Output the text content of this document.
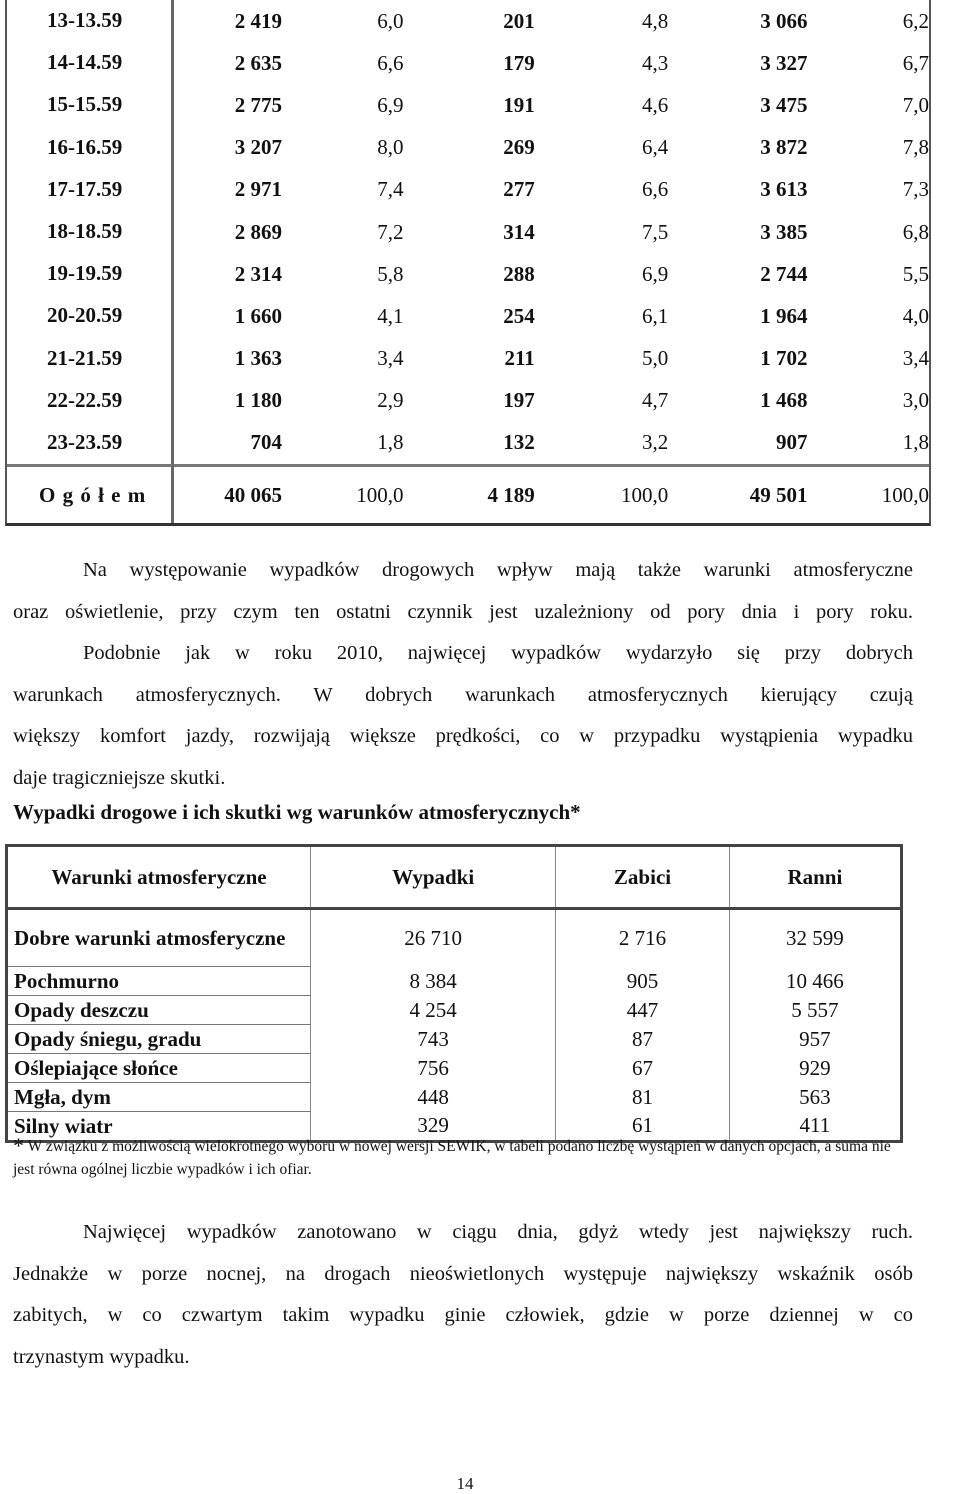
13-13.59	2 419	6,0	201	4,8	3 066	6,2
14-14.59	2 635	6,6	179	4,3	3 327	6,7
15-15.59	2 775	6,9	191	4,6	3 475	7,0
16-16.59	3 207	8,0	269	6,4	3 872	7,8
17-17.59	2 971	7,4	277	6,6	3 613	7,3
18-18.59	2 869	7,2	314	7,5	3 385	6,8
19-19.59	2 314	5,8	288	6,9	2 744	5,5
20-20.59	1 660	4,1	254	6,1	1 964	4,0
21-21.59	1 363	3,4	211	5,0	1 702	3,4
22-22.59	1 180	2,9	197	4,7	1 468	3,0
23-23.59	704	1,8	132	3,2	907	1,8
O g ó ł e m	40 065	100,0	4 189	100,0	49 501	100,0

Na występowanie wypadków drogowych wpływ mają także warunki atmosferyczne
oraz oświetlenie, przy czym ten ostatni czynnik jest uzależniony od pory dnia i pory roku.
Podobnie jak w roku 2010, najwięcej wypadków wydarzyło się przy dobrych
warunkach atmosferycznych. W dobrych warunkach atmosferycznych kierujący czują
większy komfort jazdy, rozwijają większe prędkości, co w przypadku wystąpienia wypadku
daje tragiczniejsze skutki.

Wypadki drogowe i ich skutki wg warunków atmosferycznych*

Warunki atmosferyczne	Wypadki	Zabici	Ranni
Dobre warunki atmosferyczne	26 710	2 716	32 599
Pochmurno	8 384	905	10 466
Opady deszczu	4 254	447	5 557
Opady śniegu, gradu	743	87	957
Oślepiające słońce	756	67	929
Mgła, dym	448	81	563
Silny wiatr	329	61	411
* W związku z możliwością wielokrotnego wyboru w nowej wersji SEWIK, w tabeli podano liczbę wystąpień w danych opcjach, a suma nie jest równa ogólnej liczbie wypadków i ich ofiar.

Najwięcej wypadków zanotowano w ciągu dnia, gdyż wtedy jest największy ruch.
Jednakże w porze nocnej, na drogach nieoświetlonych występuje największy wskaźnik osób
zabitych, w co czwartym takim wypadku ginie człowiek, gdzie w porze dziennej w co
trzynastym wypadku.

14
